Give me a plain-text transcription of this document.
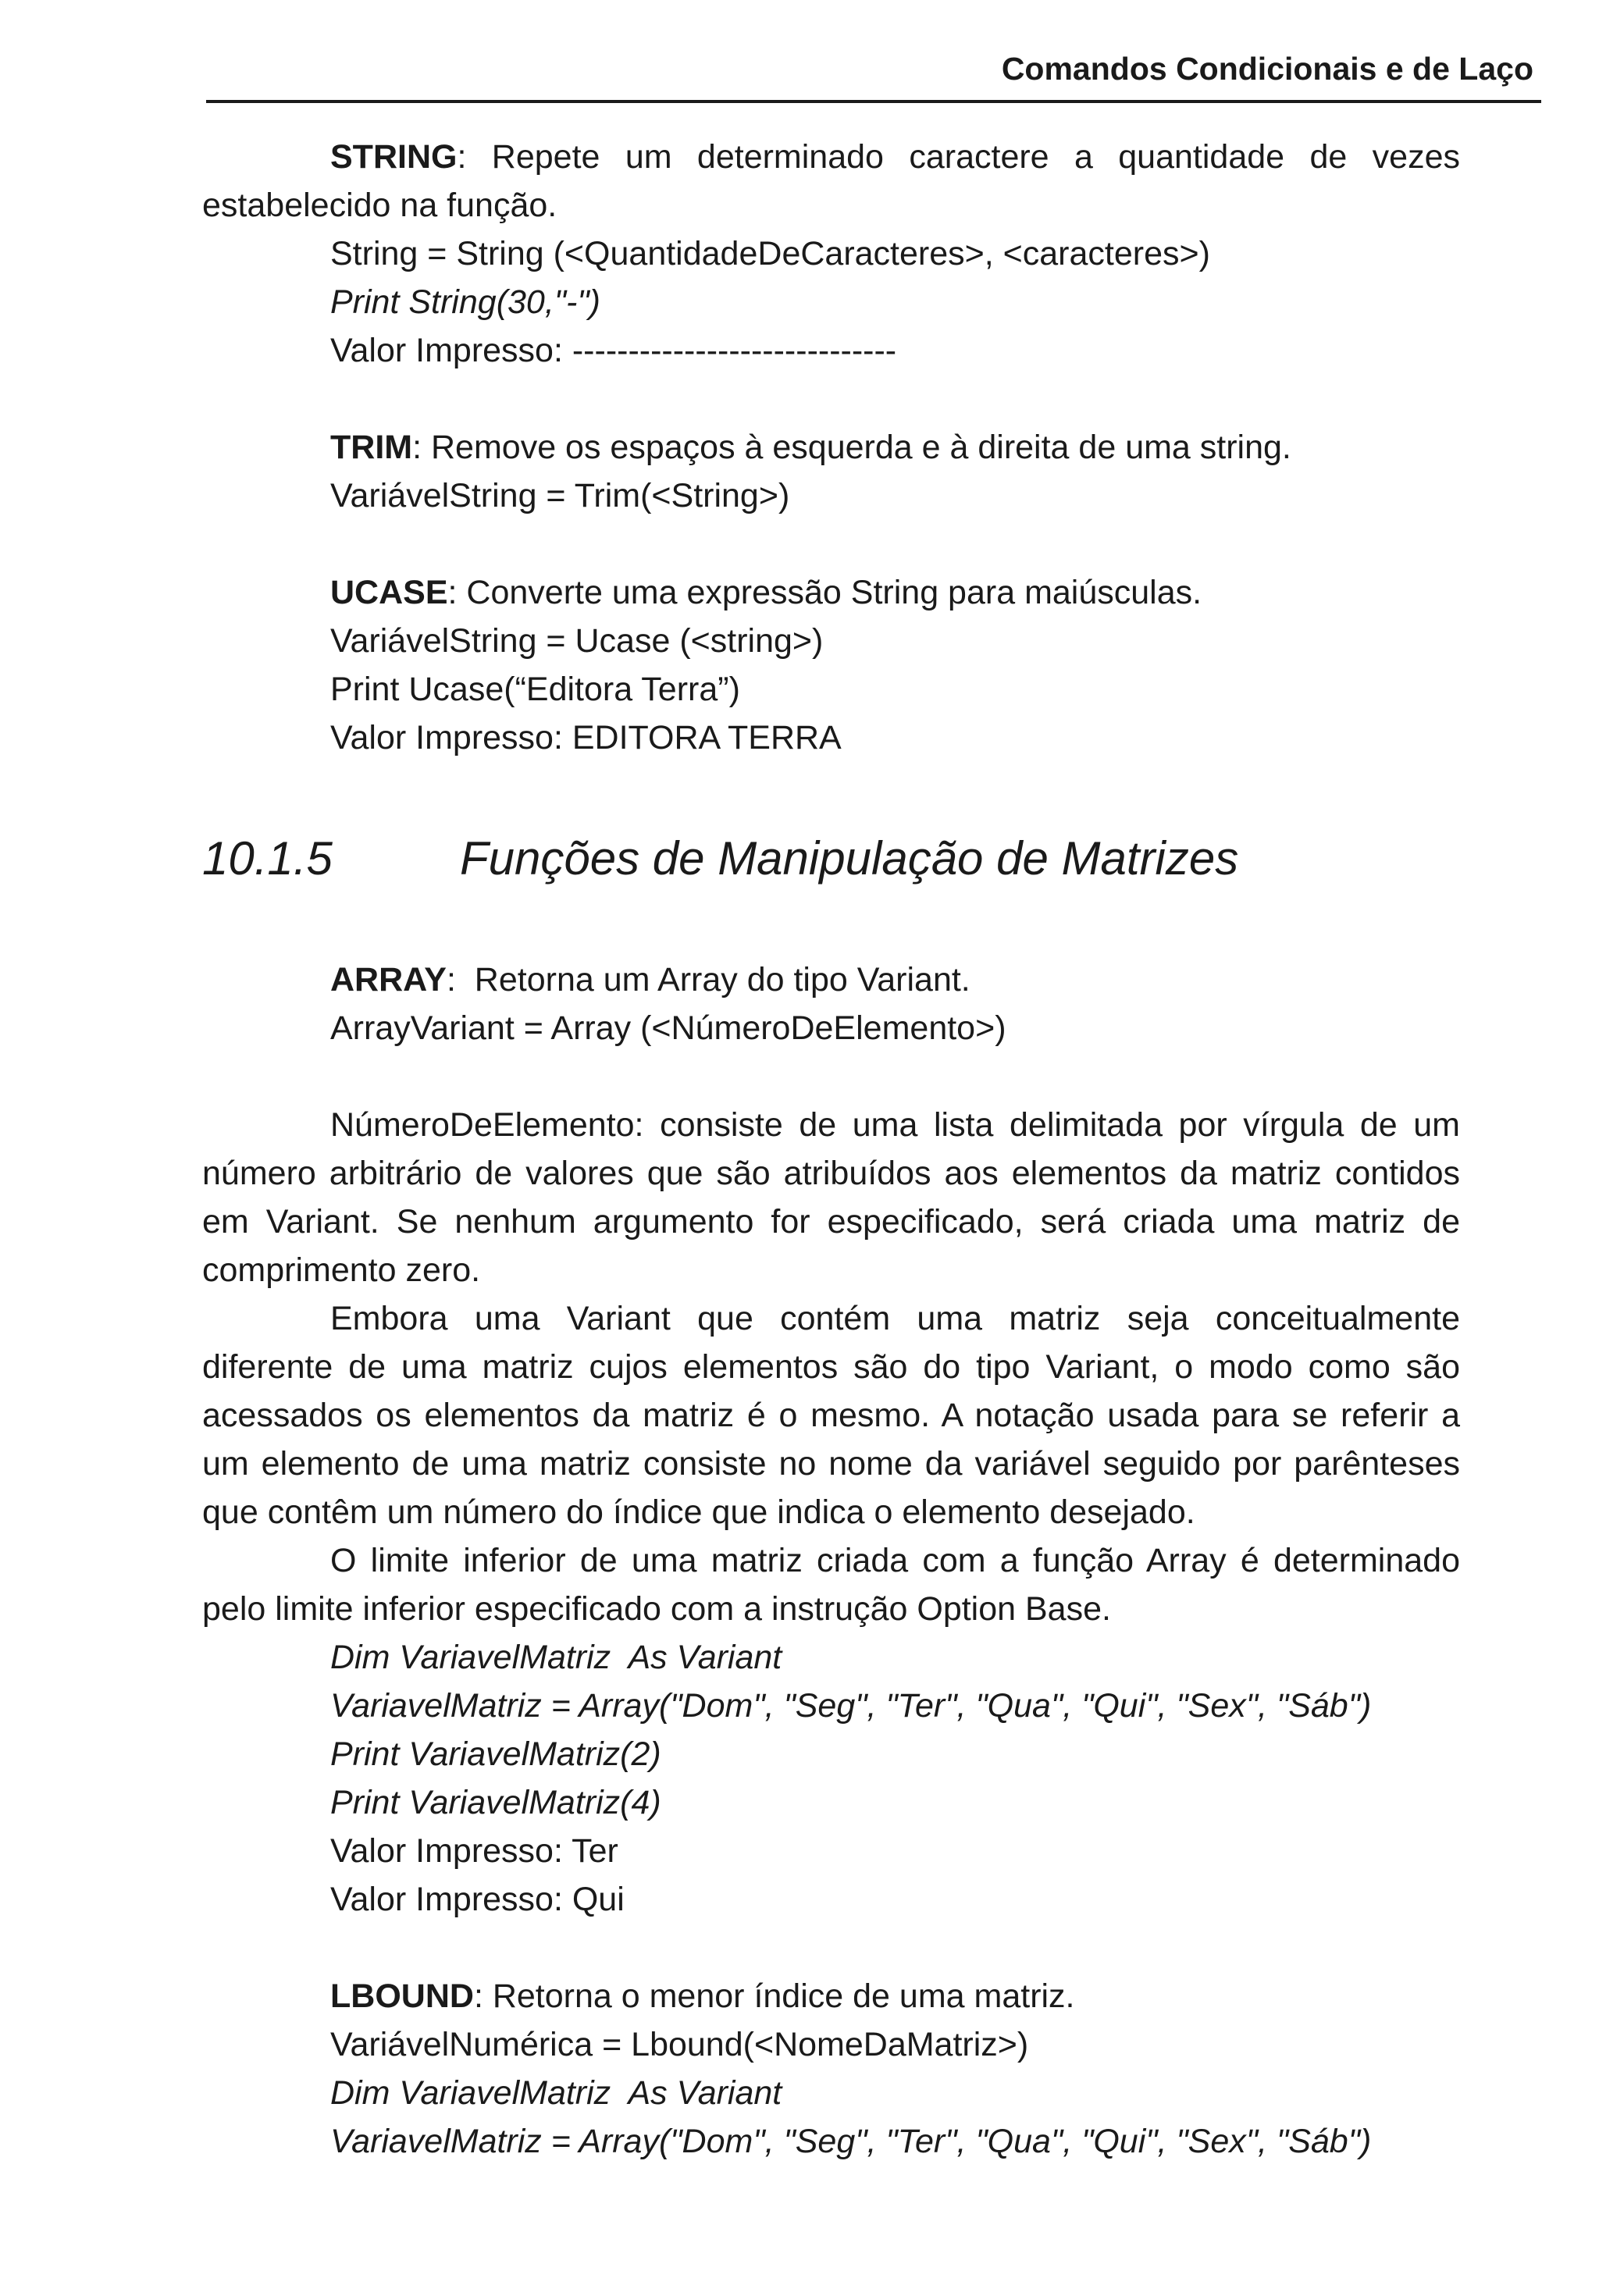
Comandos Condicionais e de Laço

STRING: Repete um determinado caractere a quantidade de vezes estabelecido na função.

String = String (<QuantidadeDeCaracteres>, <caracteres>)

Print String(30,"-")

Valor Impresso: -----------------------------

TRIM: Remove os espaços à esquerda e à direita de uma string.

VariávelString = Trim(<String>)

UCASE: Converte uma expressão String para maiúsculas.

VariávelString = Ucase (<string>)

Print Ucase(“Editora Terra”)

Valor Impresso: EDITORA TERRA

10.1.5	Funções de Manipulação de Matrizes

ARRAY:  Retorna um Array do tipo Variant.

ArrayVariant = Array (<NúmeroDeElemento>)

NúmeroDeElemento: consiste de uma lista delimitada por vírgula de um número arbitrário de valores que são atribuídos aos elementos da matriz contidos em Variant. Se nenhum argumento for especificado, será criada uma matriz de comprimento zero.

Embora uma Variant que contém uma matriz seja conceitualmente diferente de uma matriz cujos elementos são do tipo Variant, o modo como são acessados os elementos da matriz é o mesmo. A notação usada para se referir a um elemento de uma matriz consiste no nome da variável seguido por parênteses que contêm um número do índice que indica o elemento desejado.

O limite inferior de uma matriz criada com a função Array é determinado pelo limite inferior especificado com a instrução Option Base.

Dim VariavelMatriz  As Variant

VariavelMatriz = Array("Dom", "Seg", "Ter", "Qua", "Qui", "Sex", "Sáb")

Print VariavelMatriz(2)

Print VariavelMatriz(4)

Valor Impresso: Ter

Valor Impresso: Qui

LBOUND: Retorna o menor índice de uma matriz.

VariávelNumérica = Lbound(<NomeDaMatriz>)

Dim VariavelMatriz  As Variant

VariavelMatriz = Array("Dom", "Seg", "Ter", "Qua", "Qui", "Sex", "Sáb")
